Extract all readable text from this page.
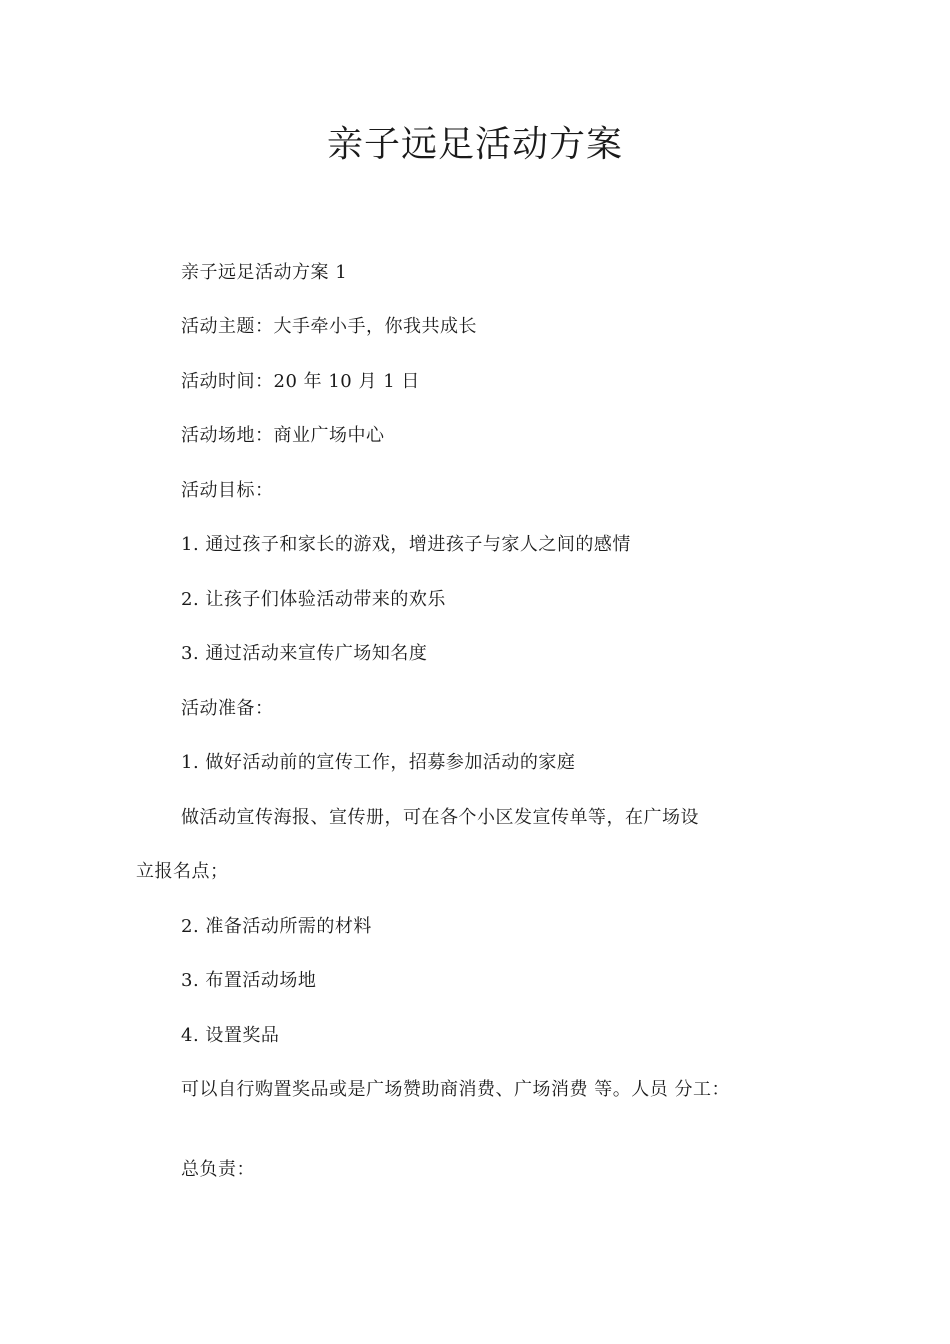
亲子远足活动方案
亲子远足活动方案 1
活动主题：大手牵小手，你我共成长
活动时间：20 年 10 月 1 日
活动场地：商业广场中心
活动目标：
1. 通过孩子和家长的游戏，增进孩子与家人之间的感情
2. 让孩子们体验活动带来的欢乐
3. 通过活动来宣传广场知名度
活动准备：
1. 做好活动前的宣传工作，招募参加活动的家庭
做活动宣传海报、宣传册，可在各个小区发宣传单等，在广场设
立报名点；
2. 准备活动所需的材料
3. 布置活动场地
4. 设置奖品
可以自行购置奖品或是广场赞助商消费、广场消费 等。人员 分工：
总负责：
